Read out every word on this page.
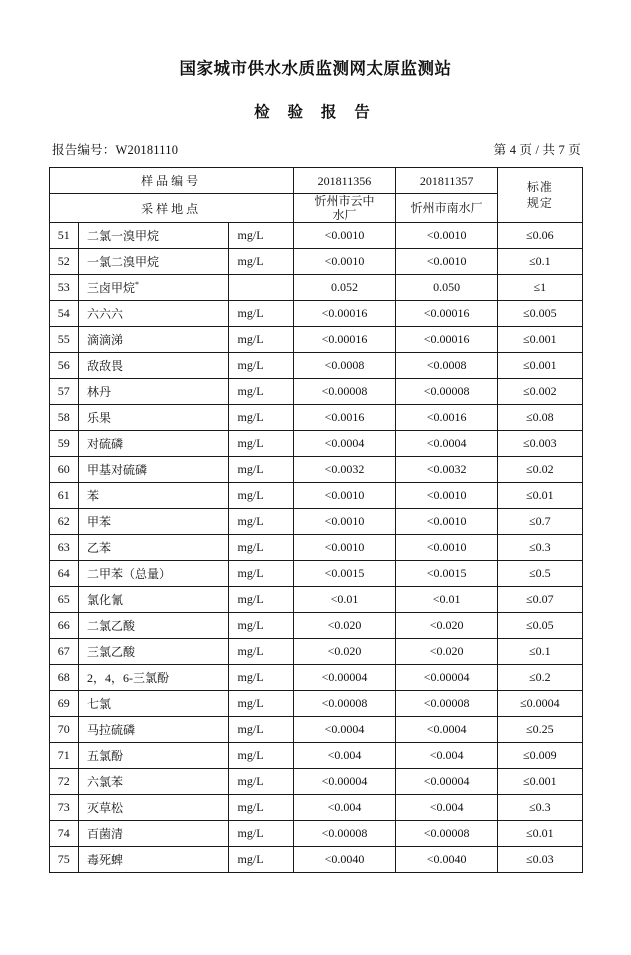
国家城市供水水质监测网太原监测站
检 验 报 告
报告编号：W20181110	第 4 页 / 共 7 页
样品编号			201811356	201811357	标准
规定

采样地点			忻州市云中
水厂	忻州市南水厂	
51	二氯一溴甲烷	mg/L	<0.0010	<0.0010	≤0.06
52	一氯二溴甲烷	mg/L	<0.0010	<0.0010	≤0.1
53	三卤甲烷*		0.052	0.050	≤1
54	六六六	mg/L	<0.00016	<0.00016	≤0.005
55	滴滴涕	mg/L	<0.00016	<0.00016	≤0.001
56	敌敌畏	mg/L	<0.0008	<0.0008	≤0.001
57	林丹	mg/L	<0.00008	<0.00008	≤0.002
58	乐果	mg/L	<0.0016	<0.0016	≤0.08
59	对硫磷	mg/L	<0.0004	<0.0004	≤0.003
60	甲基对硫磷	mg/L	<0.0032	<0.0032	≤0.02
61	苯	mg/L	<0.0010	<0.0010	≤0.01
62	甲苯	mg/L	<0.0010	<0.0010	≤0.7
63	乙苯	mg/L	<0.0010	<0.0010	≤0.3
64	二甲苯（总量）	mg/L	<0.0015	<0.0015	≤0.5
65	氯化氰	mg/L	<0.01	<0.01	≤0.07
66	二氯乙酸	mg/L	<0.020	<0.020	≤0.05
67	三氯乙酸	mg/L	<0.020	<0.020	≤0.1
68	2，4，6-三氯酚	mg/L	<0.00004	<0.00004	≤0.2
69	七氯	mg/L	<0.00008	<0.00008	≤0.0004
70	马拉硫磷	mg/L	<0.0004	<0.0004	≤0.25
71	五氯酚	mg/L	<0.004	<0.004	≤0.009
72	六氯苯	mg/L	<0.00004	<0.00004	≤0.001
73	灭草松	mg/L	<0.004	<0.004	≤0.3
74	百菌清	mg/L	<0.00008	<0.00008	≤0.01
75	毒死蜱	mg/L	<0.0040	<0.0040	≤0.03
